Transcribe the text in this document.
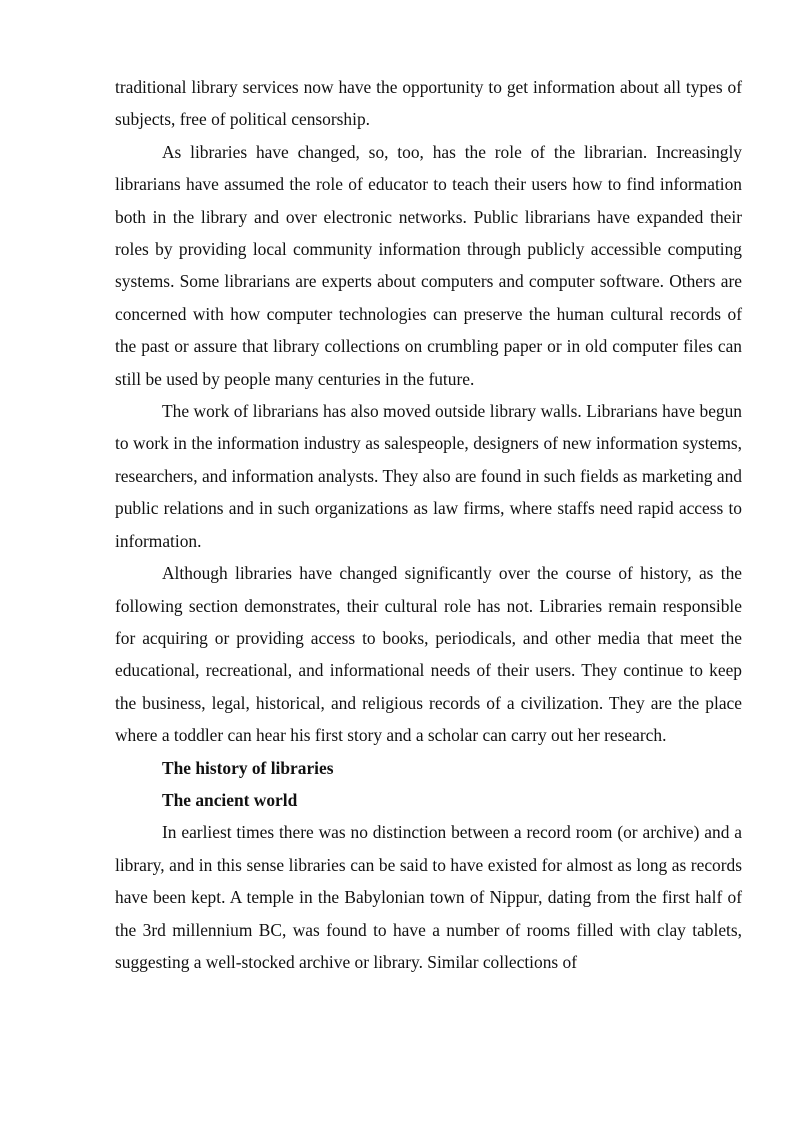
traditional library services now have the opportunity to get information about all types of subjects, free of political censorship.

As libraries have changed, so, too, has the role of the librarian. Increasingly librarians have assumed the role of educator to teach their users how to find information both in the library and over electronic networks. Public librarians have expanded their roles by providing local community information through publicly accessible computing systems. Some librarians are experts about computers and computer software. Others are concerned with how computer technologies can preserve the human cultural records of the past or assure that library collections on crumbling paper or in old computer files can still be used by people many centuries in the future.

The work of librarians has also moved outside library walls. Librarians have begun to work in the information industry as salespeople, designers of new information systems, researchers, and information analysts. They also are found in such fields as marketing and public relations and in such organizations as law firms, where staffs need rapid access to information.

Although libraries have changed significantly over the course of history, as the following section demonstrates, their cultural role has not. Libraries remain responsible for acquiring or providing access to books, periodicals, and other media that meet the educational, recreational, and informational needs of their users. They continue to keep the business, legal, historical, and religious records of a civilization. They are the place where a toddler can hear his first story and a scholar can carry out her research.

The history of libraries

The ancient world

In earliest times there was no distinction between a record room (or archive) and a library, and in this sense libraries can be said to have existed for almost as long as records have been kept. A temple in the Babylonian town of Nippur, dating from the first half of the 3rd millennium BC, was found to have a number of rooms filled with clay tablets, suggesting a well-stocked archive or library. Similar collections of
